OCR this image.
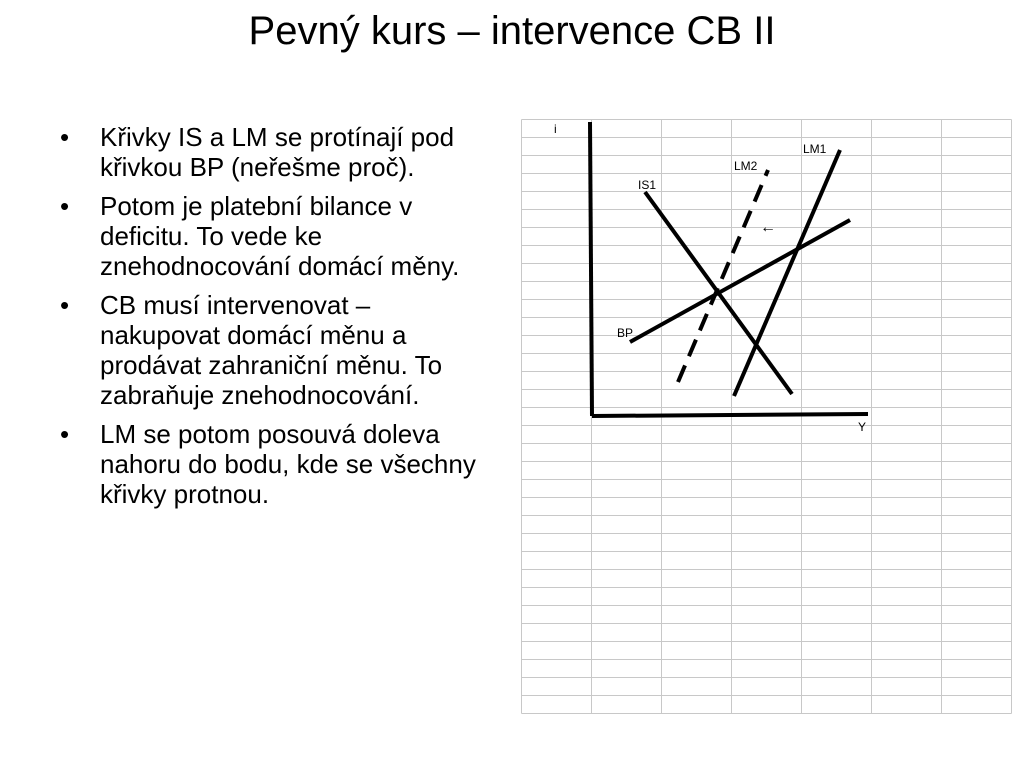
Pevný kurs – intervence CB II
• Křivky IS a LM se protínají pod křivkou BP (neřešme proč).
• Potom je platební bilance v deficitu. To vede ke znehodnocování domácí měny.
• CB musí intervenovat – nakupovat domácí měnu a prodávat zahraniční měnu. To zabraňuje znehodnocování.
• LM se potom posouvá doleva nahoru do bodu, kde se všechny křivky protnou.
i
Y
LM1
LM2
IS1
BP
←
